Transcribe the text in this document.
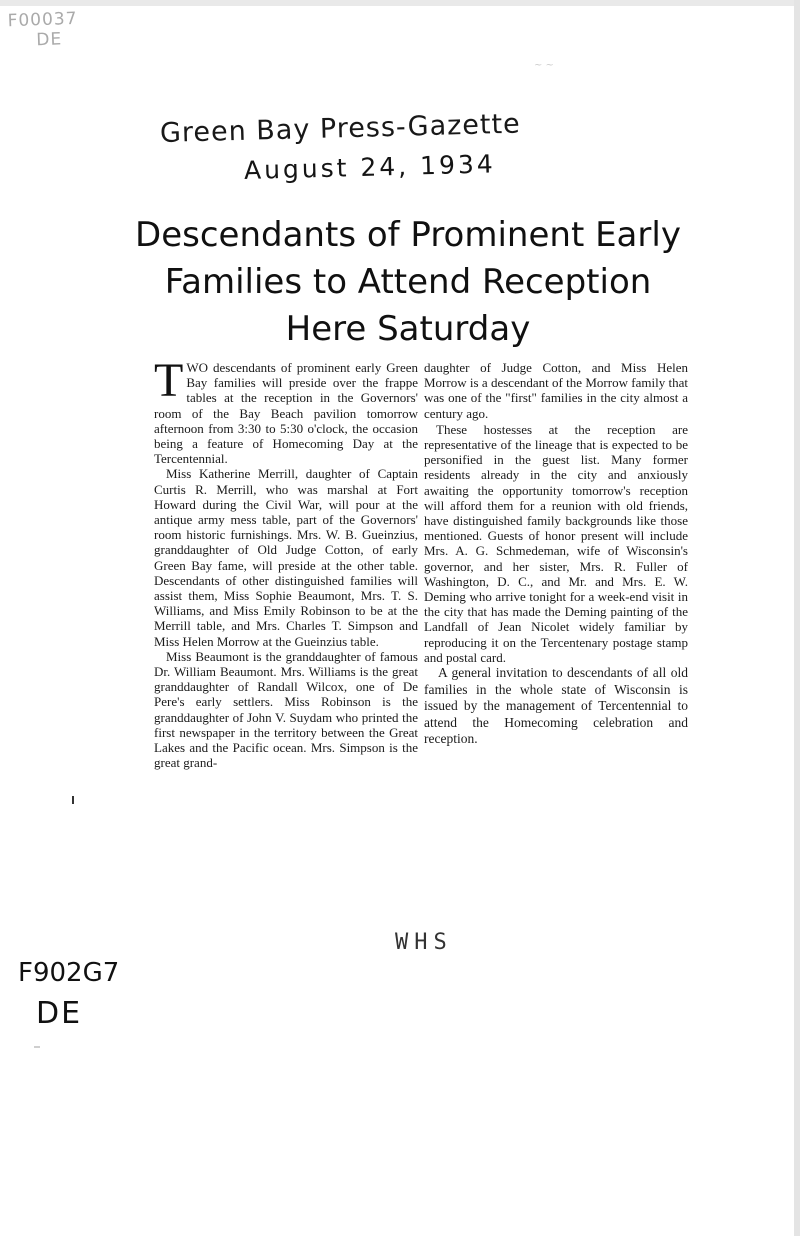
F00037
DE
~ ~
Green Bay Press-Gazette
August 24, 1934
Descendants of Prominent Early Families to Attend Reception Here Saturday

TWO descendants of prominent early Green Bay families will preside over the frappe tables at the reception in the Governors' room of the Bay Beach pavilion tomorrow afternoon from 3:30 to 5:30 o'clock, the occasion being a feature of Homecoming Day at the Tercentennial.

Miss Katherine Merrill, daughter of Captain Curtis R. Merrill, who was marshal at Fort Howard during the Civil War, will pour at the antique army mess table, part of the Governors' room historic furnishings. Mrs. W. B. Gueinzius, granddaughter of Old Judge Cotton, of early Green Bay fame, will preside at the other table. Descendants of other distinguished families will assist them, Miss Sophie Beaumont, Mrs. T. S. Williams, and Miss Emily Robinson to be at the Merrill table, and Mrs. Charles T. Simpson and Miss Helen Morrow at the Gueinzius table.

Miss Beaumont is the granddaughter of famous Dr. William Beaumont. Mrs. Williams is the great granddaughter of Randall Wilcox, one of De Pere's early settlers. Miss Robinson is the granddaughter of John V. Suydam who printed the first newspaper in the territory between the Great Lakes and the Pacific ocean. Mrs. Simpson is the great grand-

daughter of Judge Cotton, and Miss Helen Morrow is a descendant of the Morrow family that was one of the "first" families in the city almost a century ago.

These hostesses at the reception are representative of the lineage that is expected to be personified in the guest list. Many former residents already in the city and anxiously awaiting the opportunity tomorrow's reception will afford them for a reunion with old friends, have distinguished family backgrounds like those mentioned. Guests of honor present will include Mrs. A. G. Schmedeman, wife of Wisconsin's governor, and her sister, Mrs. R. Fuller of Washington, D. C., and Mr. and Mrs. E. W. Deming who arrive tonight for a week-end visit in the city that has made the Deming painting of the Landfall of Jean Nicolet widely familiar by reproducing it on the Tercentenary postage stamp and postal card.

A general invitation to descendants of all old families in the whole state of Wisconsin is issued by the management of Tercentennial to attend the Homecoming celebration and reception.

WHS
F902G7
DE
